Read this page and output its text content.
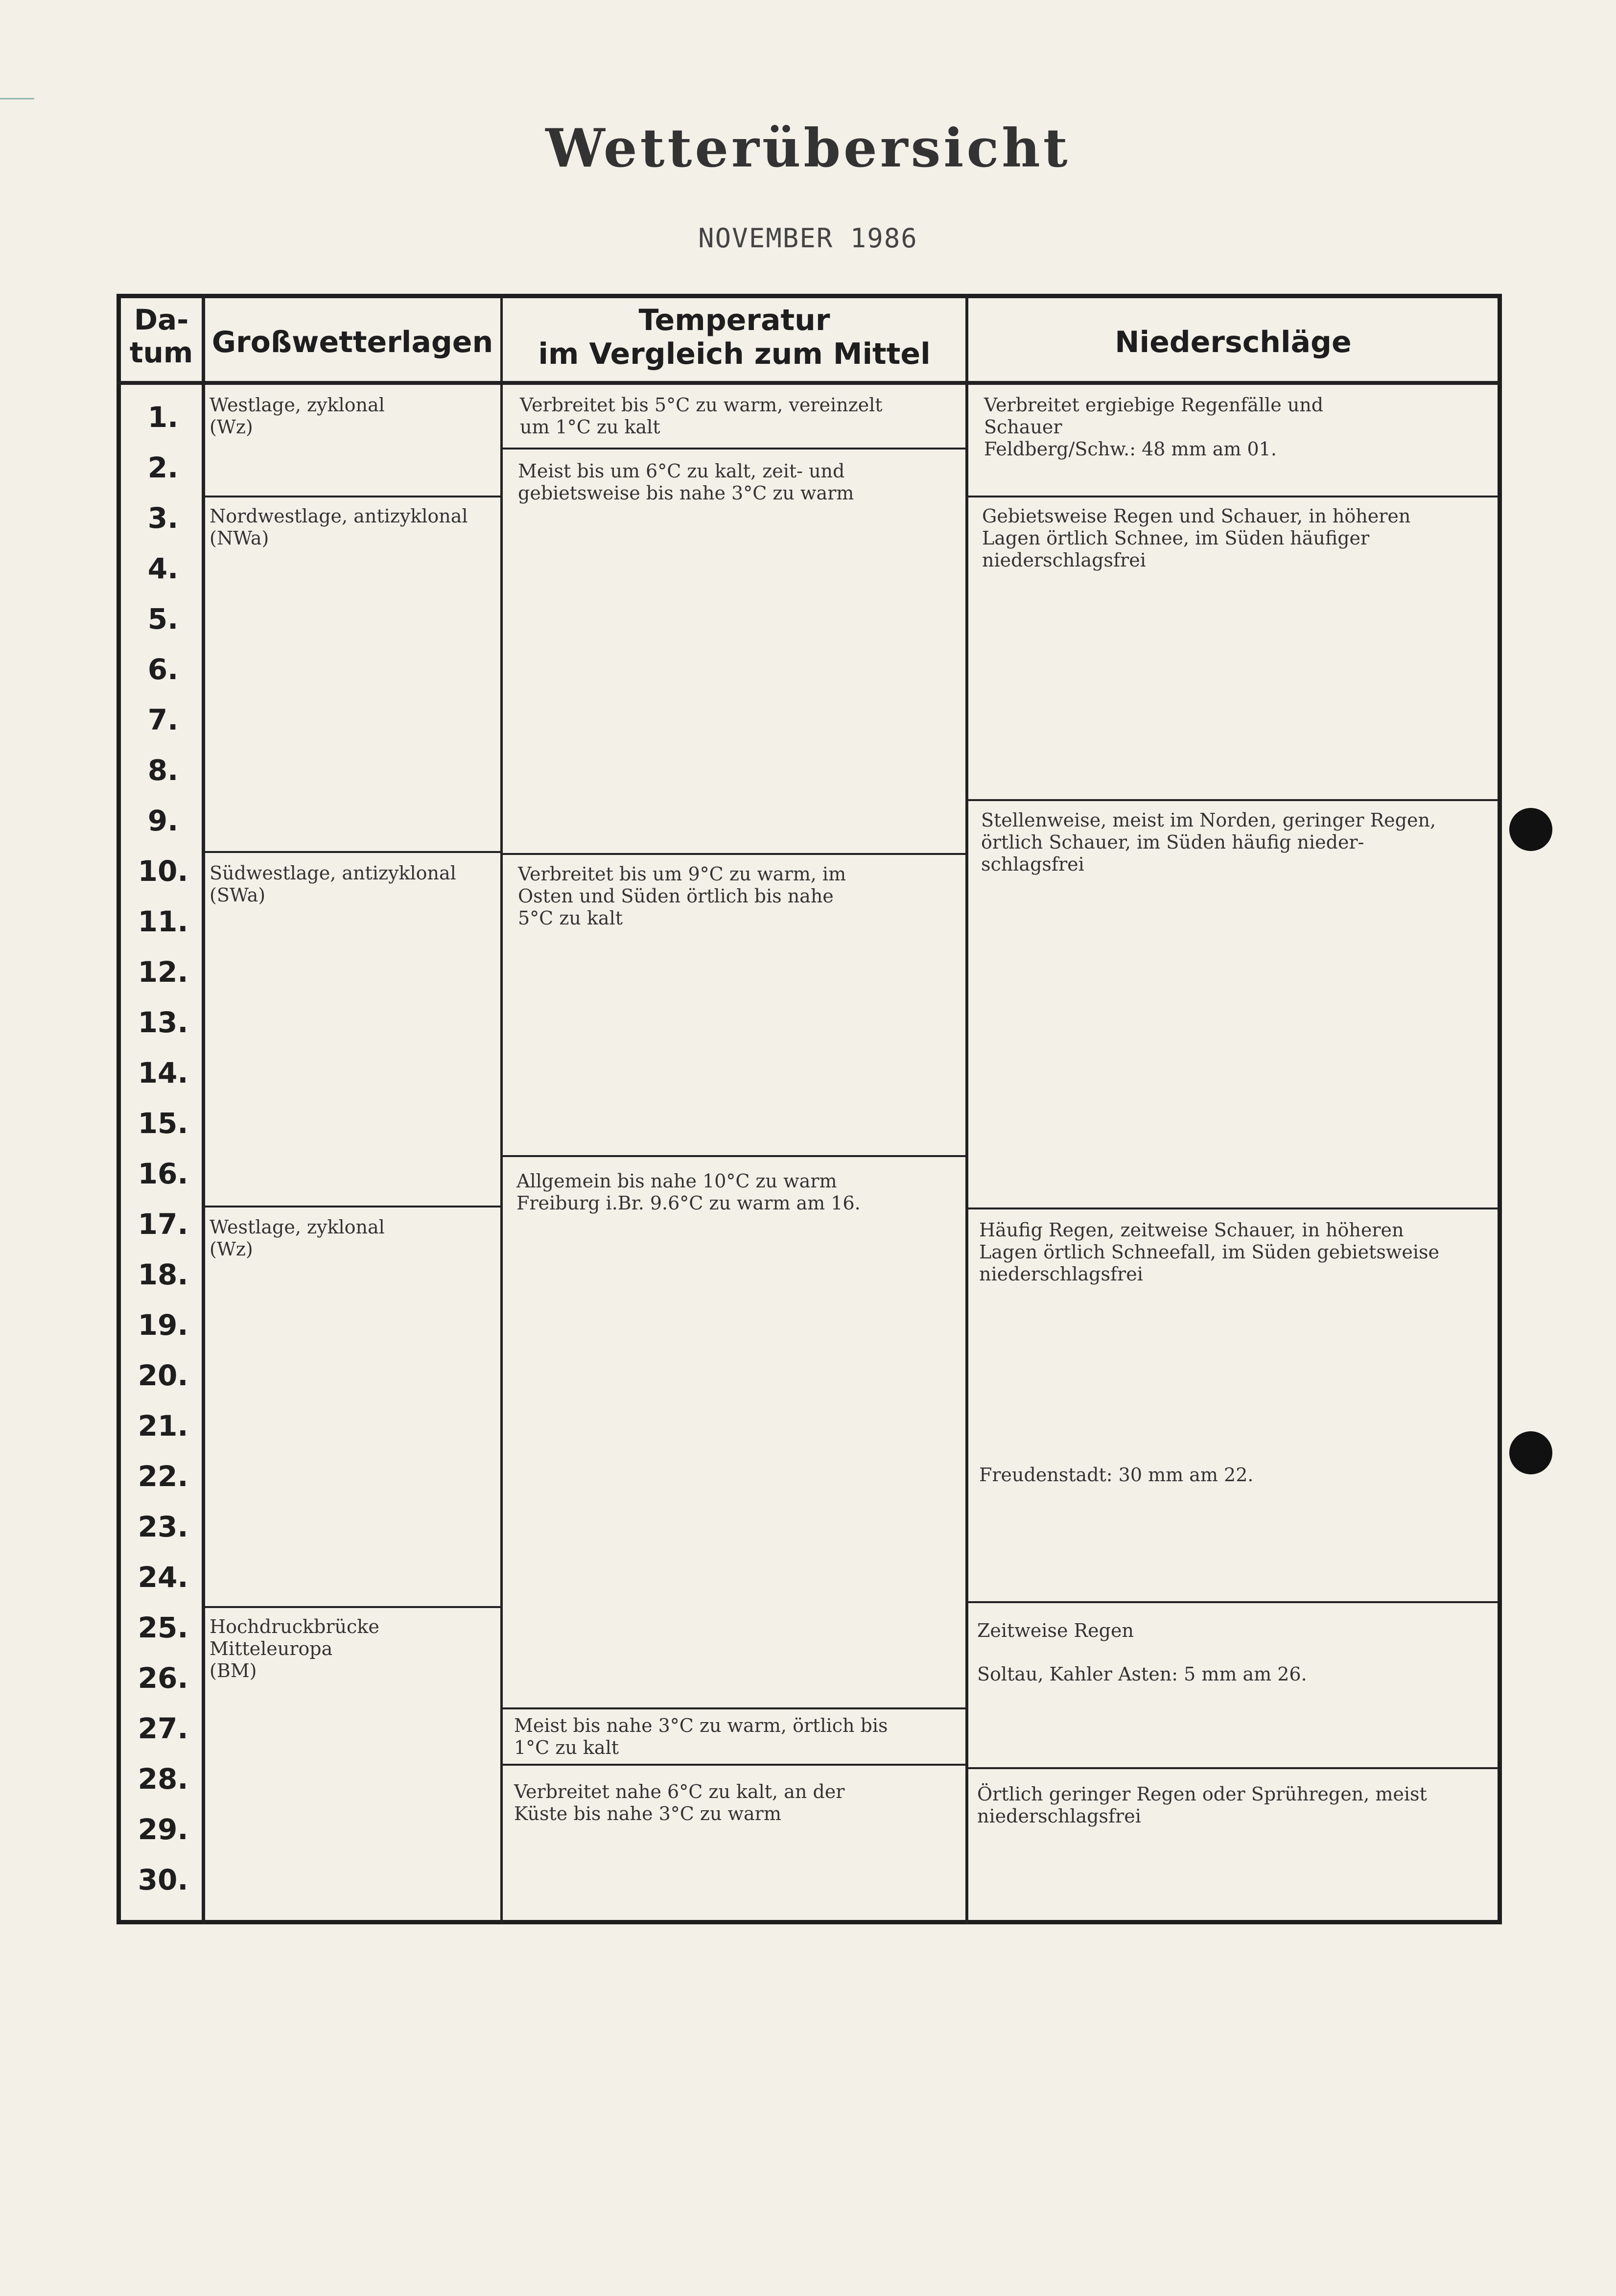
Wetterübersicht
NOVEMBER 1986
Da-
tum Großwetterlagen
Temperatur
im Vergleich zum Mittel	Niederschläge
1.
2.
3.
4.
5.
6.
7.
8.
9.
10.
11.
12.
13.
14.
15.
16.
17.
18.
19.
20.
21.
22.
23.
24.
25.
26.
27.
28.
29.
30.

Westlage, zyklonal
(Wz)

Nordwestlage, antizyklonal
(NWa)

Südwestlage, antizyklonal
(SWa)

Westlage, zyklonal
(Wz)

Hochdruckbrücke
Mitteleuropa
(BM)

Verbreitet bis 5°C zu warm, vereinzelt
um 1°C zu kalt

Meist bis um 6°C zu kalt, zeit- und
gebietsweise bis nahe 3°C zu warm

Verbreitet bis um 9°C zu warm, im
Osten und Süden örtlich bis nahe
5°C zu kalt

Allgemein bis nahe 10°C zu warm
Freiburg i.Br. 9.6°C zu warm am 16.

Meist bis nahe 3°C zu warm, örtlich bis
1°C zu kalt

Verbreitet nahe 6°C zu kalt, an der
Küste bis nahe 3°C zu warm

Verbreitet ergiebige Regenfälle und
Schauer
Feldberg/Schw.: 48 mm am 01.

Gebietsweise Regen und Schauer, in höheren
Lagen örtlich Schnee, im Süden häufiger
niederschlagsfrei

Stellenweise, meist im Norden, geringer Regen,
örtlich Schauer, im Süden häufig nieder-
schlagsfrei

Häufig Regen, zeitweise Schauer, in höheren
Lagen örtlich Schneefall, im Süden gebietsweise
niederschlagsfrei

Freudenstadt: 30 mm am 22.

Zeitweise Regen

Soltau, Kahler Asten: 5 mm am 26.

Örtlich geringer Regen oder Sprühregen, meist
niederschlagsfrei
